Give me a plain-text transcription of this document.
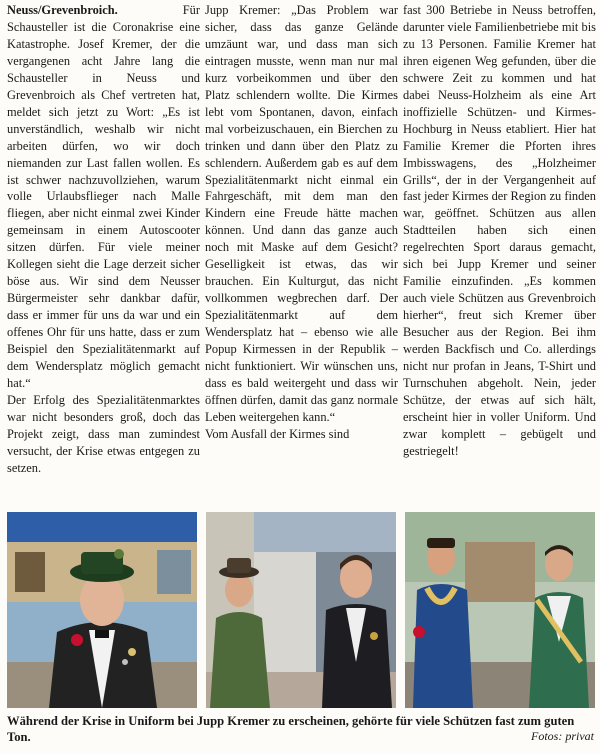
Neuss/Grevenbroich. Für Schausteller ist die Coronakrise eine Katastrophe. Josef Kremer, der die vergangenen acht Jahre lang die Schausteller in Neuss und Grevenbroich als Chef vertreten hat, meldet sich jetzt zu Wort: „Es ist unverständlich, weshalb wir nicht arbeiten dürfen, wo wir doch niemanden zur Last fallen wollen. Es ist schwer nachzuvollziehen, warum volle Urlaubsflieger nach Malle fliegen, aber nicht einmal zwei Kinder gemeinsam in einem Autoscooter sitzen dürfen. Für viele meiner Kollegen sieht die Lage derzeit sicher böse aus. Wir sind dem Neusser Bürgermeister sehr dankbar dafür, dass er immer für uns da war und ein offenes Ohr für uns hatte, dass er zum Beispiel den Spezialitätenmarkt auf dem Wendersplatz möglich gemacht hat.“

Der Erfolg des Spezialitätenmarktes war nicht besonders groß, doch das Projekt zeigt, dass man zumindest versucht, der Krise etwas entgegen zu setzen.

Jupp Kremer: „Das Problem war sicher, dass das ganze Gelände umzäunt war, und dass man sich eintragen musste, wenn man nur mal kurz vorbeikommen und über den Platz schlendern wollte. Die Kirmes lebt vom Spontanen, davon, einfach mal vorbeizuschauen, ein Bierchen zu trinken und dann über den Platz zu schlendern. Außerdem gab es auf dem Spezialitätenmarkt nicht einmal ein Fahrgeschäft, mit dem man den Kindern eine Freude hätte machen können. Und dann das ganze auch noch mit Maske auf dem Gesicht? Geselligkeit ist etwas, das wir brauchen. Ein Kulturgut, das nicht vollkommen wegbrechen darf. Der Spezialitätenmarkt auf dem Wendersplatz hat – ebenso wie alle Popup Kirmessen in der Republik – nicht funktioniert. Wir wünschen uns, dass es bald weitergeht und dass wir öffnen dürfen, damit das ganz normale Leben weitergehen kann.“

Vom Ausfall der Kirmes sind

fast 300 Betriebe in Neuss betroffen, darunter viele Familienbetriebe mit bis zu 13 Personen. Familie Kremer hat ihren eigenen Weg gefunden, über die schwere Zeit zu kommen und hat dabei Neuss-Holzheim als eine Art inoffizielle Schützen- und Kirmes-Hochburg in Neuss etabliert. Hier hat Familie Kremer die Pforten ihres Imbisswagens, des „Holzheimer Grills“, der in der Vergangenheit auf fast jeder Kirmes der Region zu finden war, geöffnet. Schützen aus allen Stadtteilen haben sich einen regelrechten Sport daraus gemacht, sich bei Jupp Kremer und seiner Familie einzufinden. „Es kommen auch viele Schützen aus Grevenbroich hierher“, freut sich Kremer über Besucher aus der Region. Bei ihm werden Backfisch und Co. allerdings nicht nur profan in Jeans, T-Shirt und Turnschuhen abgeholt. Nein, jeder Schütze, der etwas auf sich hält, erscheint hier in voller Uniform. Und zwar komplett – gebügelt und gestriegelt!

Während der Krise in Uniform bei Jupp Kremer zu erscheinen, gehörte für viele Schützen fast zum guten Ton.	Fotos: privat
